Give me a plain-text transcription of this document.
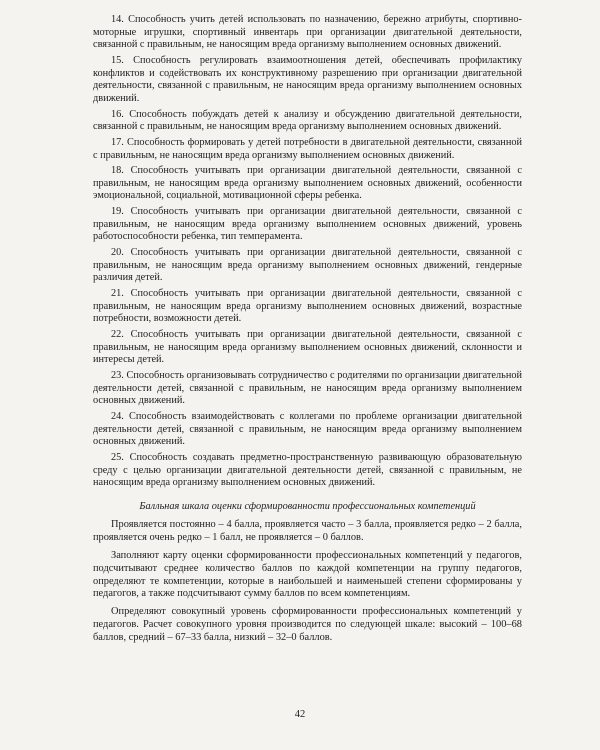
14. Способность учить детей использовать по назначению, бережно атрибуты, спортивно-моторные игрушки, спортивный инвентарь при организации двигательной деятельности, связанной с правильным, не наносящим вреда организму выполнением основных движений.

15. Способность регулировать взаимоотношения детей, обеспечивать профилактику конфликтов и содействовать их конструктивному разрешению при организации двигательной деятельности, связанной с правильным, не наносящим вреда организму выполнением основных движений.

16. Способность побуждать детей к анализу и обсуждению двигательной деятельности, связанной с правильным, не наносящим вреда организму выполнением основных движений.

17. Способность формировать у детей потребности в двигательной деятельности, связанной с правильным, не наносящим вреда организму выполнением основных движений.

18. Способность учитывать при организации двигательной деятельности, связанной с правильным, не наносящим вреда организму выполнением основных движений, особенности эмоциональной, социальной, мотивационной сферы ребенка.

19. Способность учитывать при организации двигательной деятельности, связанной с правильным, не наносящим вреда организму выполнением основных движений, уровень работоспособности ребенка, тип темперамента.

20. Способность учитывать при организации двигательной деятельности, связанной с правильным, не наносящим вреда организму выполнением основных движений, гендерные различия детей.

21. Способность учитывать при организации двигательной деятельности, связанной с правильным, не наносящим вреда организму выполнением основных движений, возрастные потребности, возможности детей.

22. Способность учитывать при организации двигательной деятельности, связанной с правильным, не наносящим вреда организму выполнением основных движений, склонности и интересы детей.

23. Способность организовывать сотрудничество с родителями по организации двигательной деятельности детей, связанной с правильным, не наносящим вреда организму выполнением основных движений.

24. Способность взаимодействовать с коллегами по проблеме организации двигательной деятельности детей, связанной с правильным, не наносящим вреда организму выполнением основных движений.

25. Способность создавать предметно-пространственную развивающую образовательную среду с целью организации двигательной деятельности детей, связанной с правильным, не наносящим вреда организму выполнением основных движений.

Балльная шкала оценки сформированности профессиональных компетенций

Проявляется постоянно – 4 балла, проявляется часто – 3 балла, проявляется редко – 2 балла, проявляется очень редко – 1 балл, не проявляется – 0 баллов.

Заполняют карту оценки сформированности профессиональных компетенций у педагогов, подсчитывают среднее количество баллов по каждой компетенции на группу педагогов, определяют те компетенции, которые в наибольшей и наименьшей степени сформированы у педагогов, а также подсчитывают сумму баллов по всем компетенциям.

Определяют совокупный уровень сформированности профессиональных компетенций у педагогов. Расчет совокупного уровня производится по следующей шкале: высокий – 100–68 баллов, средний – 67–33 балла, низкий – 32–0 баллов.

42
